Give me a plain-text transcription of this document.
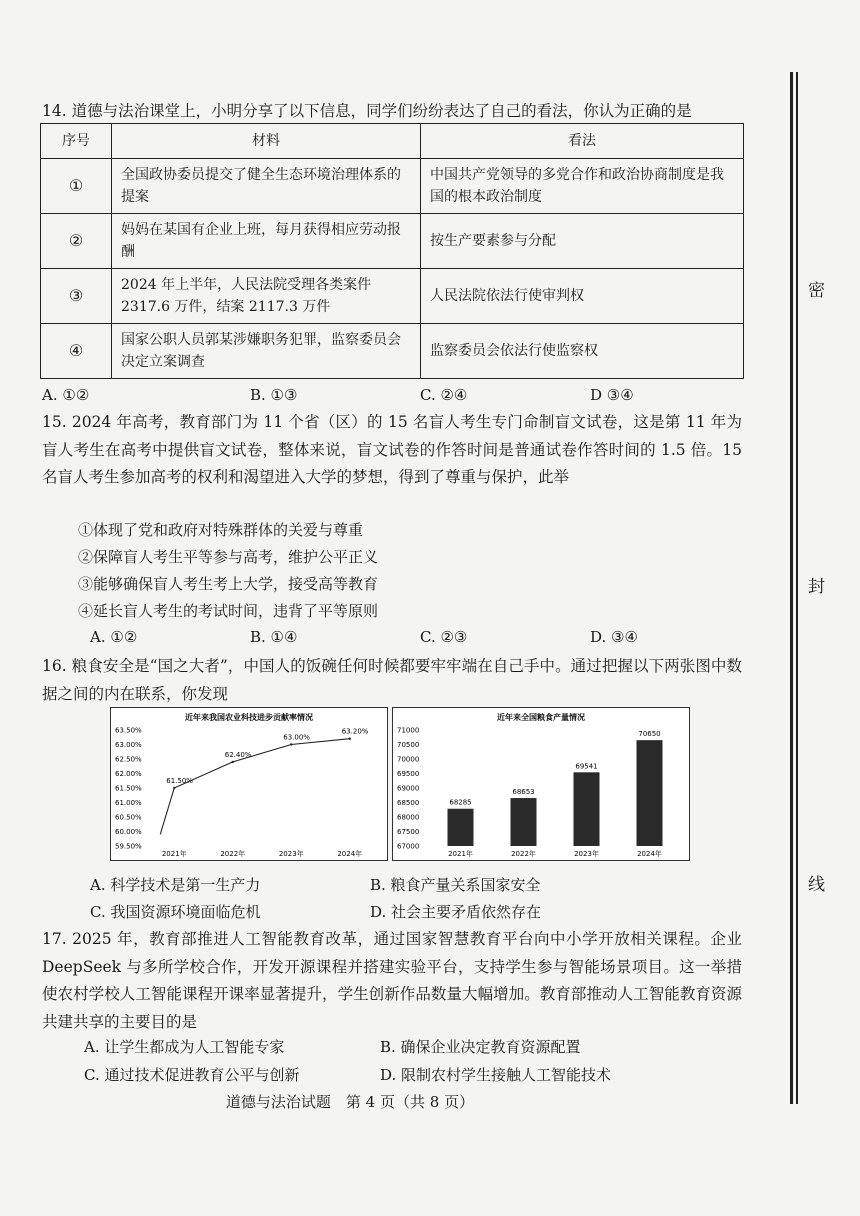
14. 道德与法治课堂上，小明分享了以下信息，同学们纷纷表达了自己的看法，你认为正确的是
序号	材料	看法
①	全国政协委员提交了健全生态环境治理体系的提案	中国共产党领导的多党合作和政治协商制度是我国的根本政治制度
②	妈妈在某国有企业上班，每月获得相应劳动报酬	按生产要素参与分配
③	2024 年上半年，人民法院受理各类案件 2317.6 万件，结案 2117.3 万件	人民法院依法行使审判权
④	国家公职人员郭某涉嫌职务犯罪，监察委员会决定立案调查	监察委员会依法行使监察权
A. ①②	B. ①③	C. ②④	D ③④
15. 2024 年高考，教育部门为 11 个省（区）的 15 名盲人考生专门命制盲文试卷，这是第 11 年为盲人考生在高考中提供盲文试卷，整体来说，盲文试卷的作答时间是普通试卷作答时间的 1.5 倍。15 名盲人考生参加高考的权利和渴望进入大学的梦想，得到了尊重与保护，此举
①体现了党和政府对特殊群体的关爱与尊重
②保障盲人考生平等参与高考，维护公平正义
③能够确保盲人考生考上大学，接受高等教育
④延长盲人考生的考试时间，违背了平等原则
A. ①②	B. ①④	C. ②③	D. ③④
16. 粮食安全是“国之大者”，中国人的饭碗任何时候都要牢牢端在自己手中。通过把握以下两张图中数据之间的内在联系，你发现
近年来我国农业科技进步贡献率情况
59.50%
60.00%
60.50%
61.00%
61.50%
62.00%
62.50%
63.00%
63.50%
2021年	2022年	2023年	2024年
61.50%
62.40%
63.00%
63.20%
近年来全国粮食产量情况
67000
67500
68000
68500
69000
69500
70000
70500
71000
2021年	2022年	2023年	2024年
68285
68653
69541
70650
A. 科学技术是第一生产力	B. 粮食产量关系国家安全
C. 我国资源环境面临危机	D. 社会主要矛盾依然存在
17. 2025 年，教育部推进人工智能教育改革，通过国家智慧教育平台向中小学开放相关课程。企业 DeepSeek 与多所学校合作，开发开源课程并搭建实验平台，支持学生参与智能场景项目。这一举措使农村学校人工智能课程开课率显著提升，学生创新作品数量大幅增加。教育部推动人工智能教育资源共建共享的主要目的是
A. 让学生都成为人工智能专家	B. 确保企业决定教育资源配置
C. 通过技术促进教育公平与创新	D. 限制农村学生接触人工智能技术
道德与法治试题　第 4 页（共 8 页）
密
封
线
